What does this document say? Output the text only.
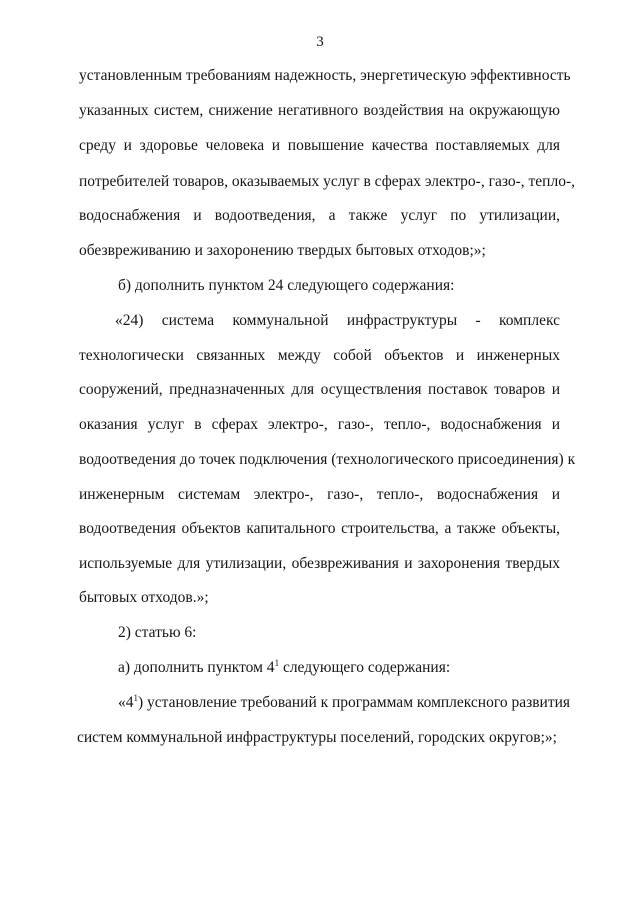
3
установленным требованиям надежность, энергетическую эффективность
указанных систем, снижение негативного воздействия на окружающую
среду и здоровье человека и повышение качества поставляемых для
потребителей товаров, оказываемых услуг в сферах электро-, газо-, тепло-,
водоснабжения и водоотведения, а также услуг по утилизации,
обезвреживанию и захоронению твердых бытовых отходов;»;
б) дополнить пунктом 24 следующего содержания:
«24) система коммунальной инфраструктуры - комплекс
технологически связанных между собой объектов и инженерных
сооружений, предназначенных для осуществления поставок товаров и
оказания услуг в сферах электро-, газо-, тепло-, водоснабжения и
водоотведения до точек подключения (технологического присоединения) к
инженерным системам электро-, газо-, тепло-, водоснабжения и
водоотведения объектов капитального строительства, а также объекты,
используемые для утилизации, обезвреживания и захоронения твердых
бытовых отходов.»;
2) статью 6:
а) дополнить пунктом $4^1$ следующего содержания:
«$4^1$) установление требований к программам комплексного развития
систем коммунальной инфраструктуры поселений, городских округов;»;
